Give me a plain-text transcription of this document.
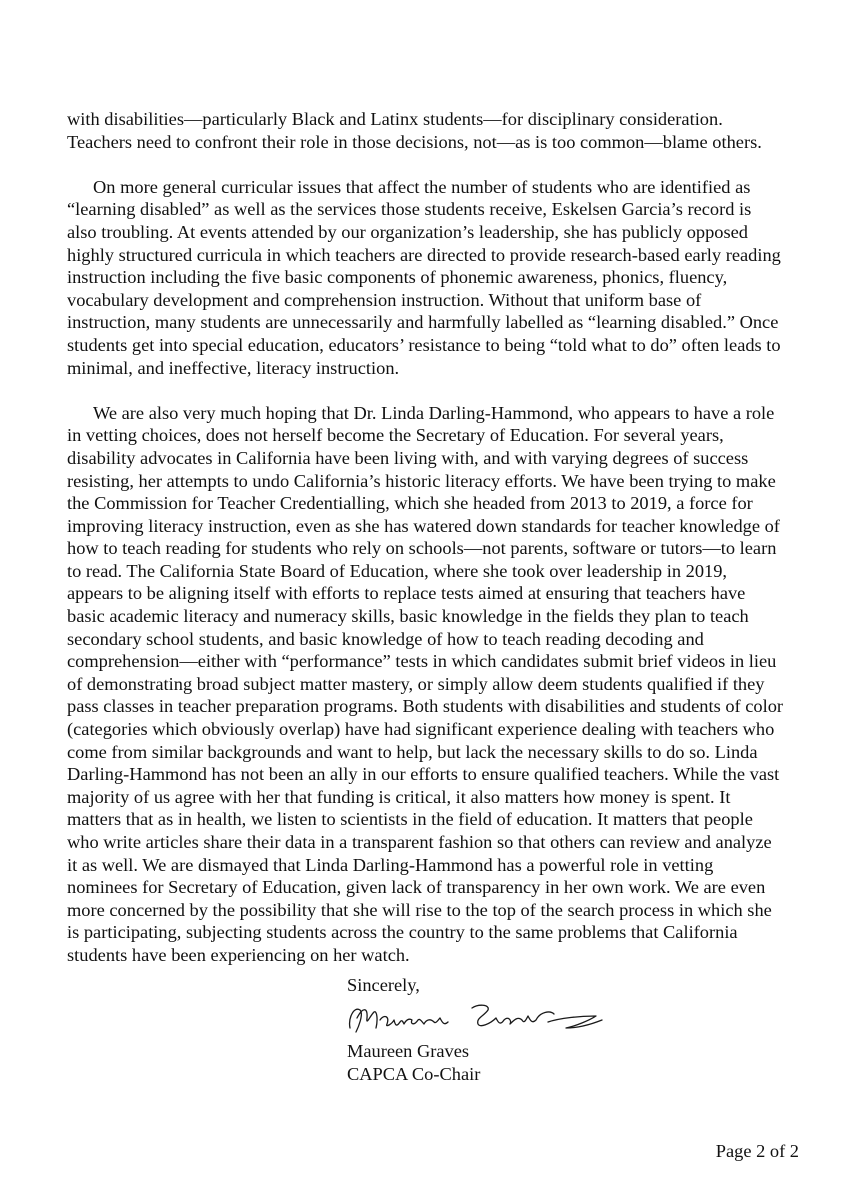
with disabilities—particularly Black and Latinx students—for disciplinary consideration.
Teachers need to confront their role in those decisions, not—as is too common—blame others.

On more general curricular issues that affect the number of students who are identified as
“learning disabled” as well as the services those students receive, Eskelsen Garcia’s record is
also troubling. At events attended by our organization’s leadership, she has publicly opposed
highly structured curricula in which teachers are directed to provide research-based early reading
instruction including the five basic components of phonemic awareness, phonics, fluency,
vocabulary development and comprehension instruction. Without that uniform base of
instruction, many students are unnecessarily and harmfully labelled as “learning disabled.” Once
students get into special education, educators’ resistance to being “told what to do” often leads to
minimal, and ineffective, literacy instruction.

We are also very much hoping that Dr. Linda Darling-Hammond, who appears to have a role
in vetting choices, does not herself become the Secretary of Education. For several years,
disability advocates in California have been living with, and with varying degrees of success
resisting, her attempts to undo California’s historic literacy efforts. We have been trying to make
the Commission for Teacher Credentialling, which she headed from 2013 to 2019, a force for
improving literacy instruction, even as she has watered down standards for teacher knowledge of
how to teach reading for students who rely on schools—not parents, software or tutors—to learn
to read. The California State Board of Education, where she took over leadership in 2019,
appears to be aligning itself with efforts to replace tests aimed at ensuring that teachers have
basic academic literacy and numeracy skills, basic knowledge in the fields they plan to teach
secondary school students, and basic knowledge of how to teach reading decoding and
comprehension—either with “performance” tests in which candidates submit brief videos in lieu
of demonstrating broad subject matter mastery, or simply allow deem students qualified if they
pass classes in teacher preparation programs. Both students with disabilities and students of color
(categories which obviously overlap) have had significant experience dealing with teachers who
come from similar backgrounds and want to help, but lack the necessary skills to do so. Linda
Darling-Hammond has not been an ally in our efforts to ensure qualified teachers. While the vast
majority of us agree with her that funding is critical, it also matters how money is spent. It
matters that as in health, we listen to scientists in the field of education. It matters that people
who write articles share their data in a transparent fashion so that others can review and analyze
it as well. We are dismayed that Linda Darling-Hammond has a powerful role in vetting
nominees for Secretary of Education, given lack of transparency in her own work. We are even
more concerned by the possibility that she will rise to the top of the search process in which she
is participating, subjecting students across the country to the same problems that California
students have been experiencing on her watch.

Sincerely,
Maureen Graves
CAPCA Co-Chair
Page 2 of 2
